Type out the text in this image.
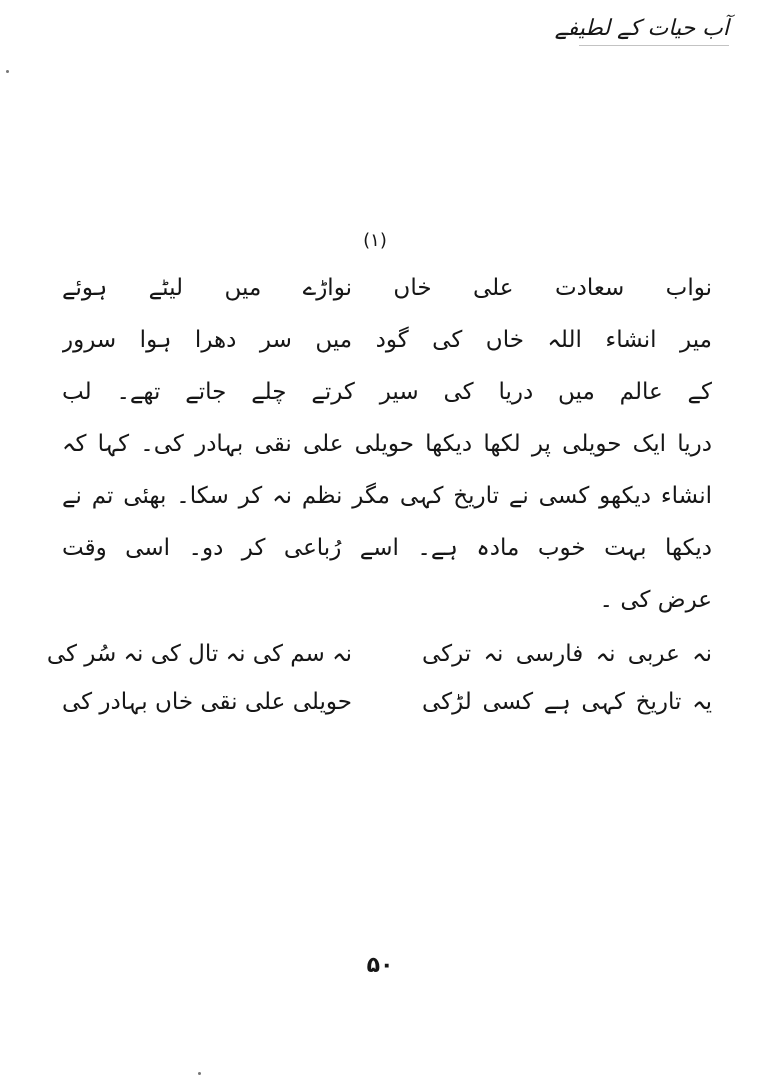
آب حیات کے لطیفے
(۱)
نواب سعادت علی خاں نواڑے میں لیٹے ہوئے
میر انشاء اللہ خاں کی گود میں سر دھرا ہوا سرور
کے عالم میں دریا کی سیر کرتے چلے جاتے تھے۔ لب
دریا ایک حویلی پر لکھا دیکھا حویلی علی نقی بہادر کی۔ کہا کہ
انشاء دیکھو کسی نے تاریخ کہی مگر نظم نہ کر سکا۔ بھئی تم نے
دیکھا بہت خوب مادہ ہے۔ اسے رُباعی کر دو۔ اسی وقت
عرض کی ۔
نہ عربی نہ فارسی نہ ترکی
نہ سم کی نہ تال کی نہ سُر کی
یہ تاریخ کہی ہے کسی لڑکی
حویلی علی نقی خاں بہادر کی
۵۰
